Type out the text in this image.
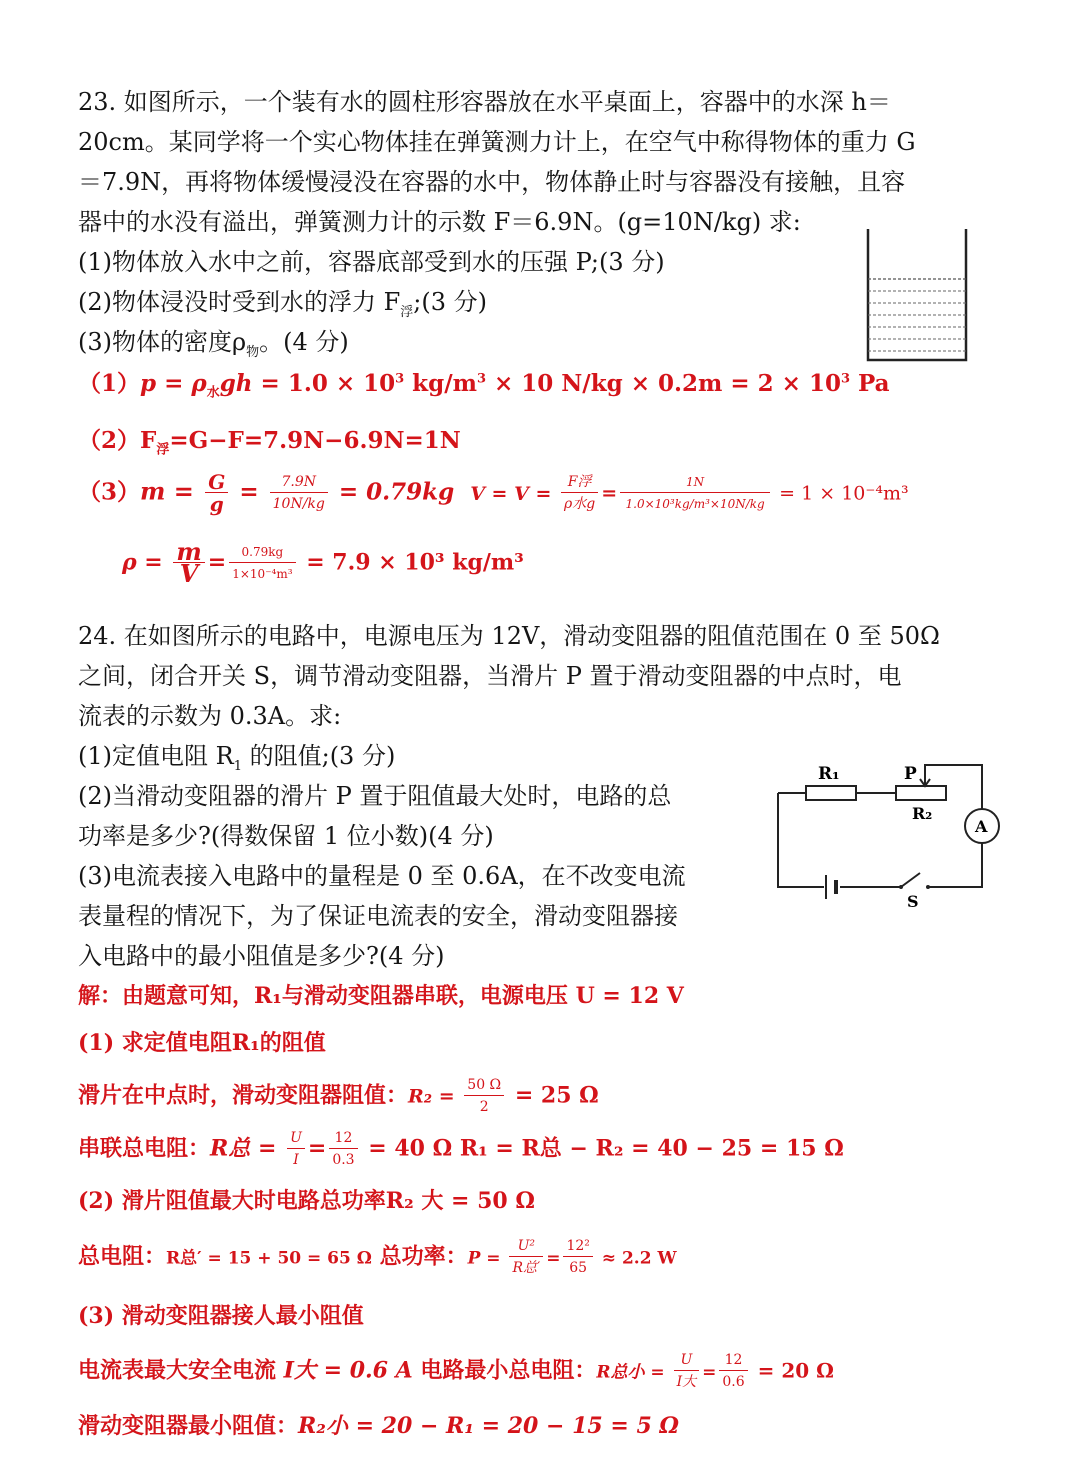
23. 如图所示，一个装有水的圆柱形容器放在水平桌面上，容器中的水深 h＝
20cm。某同学将一个实心物体挂在弹簧测力计上，在空气中称得物体的重力 G
＝7.9N，再将物体缓慢浸没在容器的水中，物体静止时与容器没有接触，且容
器中的水没有溢出，弹簧测力计的示数 F＝6.9N。(g=10N/kg) 求:
(1)物体放入水中之前，容器底部受到水的压强 P;(3 分)
(2)物体浸没时受到水的浮力 $F_浮;(3$ 分)
(3)物体的密度$\rho_物$。(4 分)
$(1)p = \rho_水gh = 1.0 \times 10^3$ $kg/m^3 \times 10$ $N/kg \times 0.2m = 2 \times 10^3$ Pa
$(2)F_浮=G-F=7.9N-6.9N=1N$
$(3)m = \frac{G}{g} = \frac{7.9N}{10N/kg} = 0.79kg$ $V = V = \frac{\text{F浮}}{\text{ρ水g}} = \frac{1N}{\text{1.0×10³kg/m³×10N/kg}} = 1 \times 10^{-4}m^3$
$\rho = \frac{m}{V} = \frac{0.79kg}{\text{1×10⁻⁴m³}} = 7.9 \times 10^3$ kg/m³
24. 在如图所示的电路中，电源电压为 12V，滑动变阻器的阻值范围在 0 至 50Ω
之间，闭合开关 S，调节滑动变阻器，当滑片 P 置于滑动变阻器的中点时，电
流表的示数为 0.3A。求:
(1)定值电阻 $R_1$ 的阻值;(3 分)
(2)当滑动变阻器的滑片 P 置于阻值最大处时，电路的总
功率是多少?(得数保留 1 位小数)(4 分)
(3)电流表接入电路中的量程是 0 至 0.6A，在不改变电流
表量程的情况下，为了保证电流表的安全，滑动变阻器接
入电路中的最小阻值是多少?(4 分)
R₁	P
R₂
A
S
解：由题意可知，R₁与滑动变阻器串联，电源电压 U = 12 V
(1) 求定值电阻R₁的阻值
滑片在中点时，滑动变阻器阻值：$R_2 = \frac{50 \Omega}{2} = 25$ Ω
串联总电阻：R总 = $\frac{U}{I} = \frac{12}{0.3} = 40$ Ω R₁ = R总 − R₂ = 40 − 25 = 15 Ω
(2) 滑片阻值最大时电路总功率R₂ 大 = 50 Ω
总电阻：R总′ = 15 + 50 = 65 Ω 总功率：$P = \frac{\text{U²}}{\text{R总′}} = \frac{\text{12²}}{65} \approx 2.2$ W
(3) 滑动变阻器接人最小阻值
电流表最大安全电流 I大 = 0.6 A 电路最小总电阻：R总小 = $\frac{U}{\text{I大}} = \frac{12}{0.6} = 20$ Ω
滑动变阻器最小阻值：R₂小 = 20 − R₁ = 20 − 15 = 5 Ω
